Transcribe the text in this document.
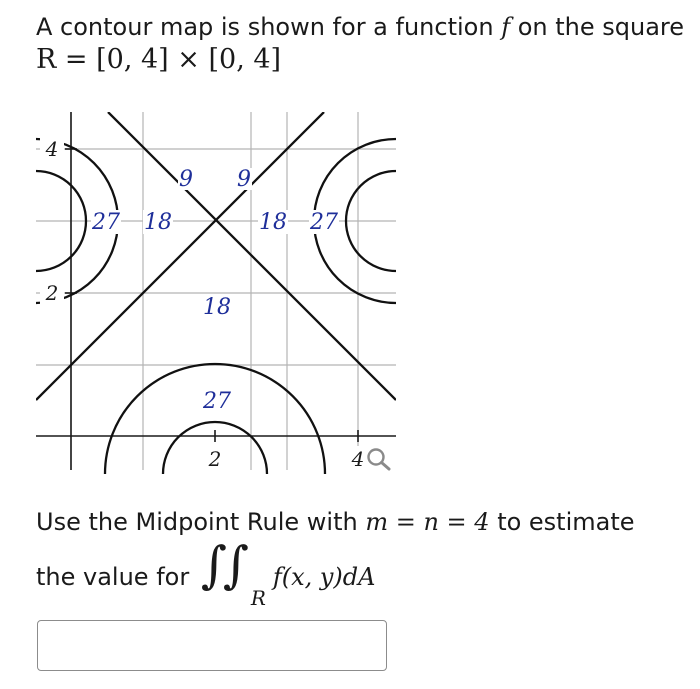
A contour map is shown for a function f on the square
R = [0, 4] × [0, 4]
4
2
2	4
9 9
27 18	18 27
18
27
Use the Midpoint Rule with m = n = 4 to estimate
the value for ∫
∫
R
f(x, y)dA
